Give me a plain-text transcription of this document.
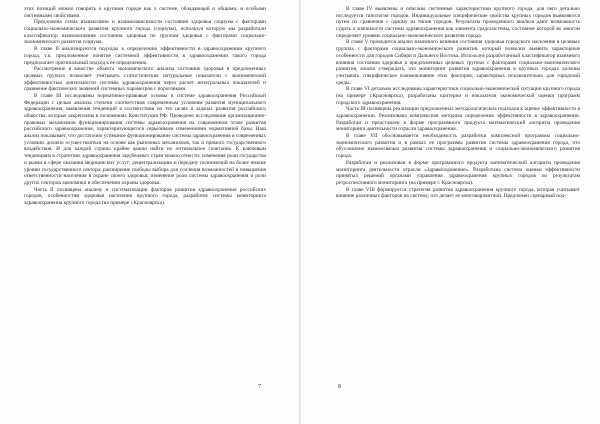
этих позиций можно говорить о крупном городе как о системе, обладающей и общими, и особыми системными свойствами.

Предложена схема взаимосвязи и взаимозависимости состояния здоровья социума с факторами социально-экономического развития крупного города (социума), используя которую мы разработали классификатор взаимовлияния состояния здоровья по группам здоровья с факторами социально-экономического развития социума.

В главе II анализируются подходы к определению эффективности в здравоохранении крупного города, т.к. предложенное понятие системной эффективности в здравоохранении такого города предполагает оригинальный подход к ее определению.

Рассмотрение в качестве объекта экономического анализа состояние здоровья в предложенных целевых группах позволяет учитывать статистические натуральные показатели с экономической эффективностью деятельности системы здравоохранения через расчет интегральных показателей и сравнение фактических значений системных параметров с пороговыми.

В главе III исследованы нормативно-правовые основы в системе здравоохранения Российской Федерации с целью анализа степени соответствия современным условиям развития муниципального здравоохранения, выявления тенденций в соответствии их тех целях и задачах развития российского общества, которые закреплены в положениях Конституции РФ. Проведено исследование организационно-правовых механизмов функционирования системы здравоохранения на современном этапе развития российского здравоохранения, характеризующегося серьезными изменениями нормативной базы. Наш анализ показывает, что достаточно успешное функционирование системы здравоохранения в современных условиях должно осуществляться на основе как рыночных механизмов, так и прямого государственного воздействия. И для каждой страны крайне важно найти их оптимальное сочетание. К ключевым тенденциям в стратегиях здравоохранения зарубежных стран можно отнести: изменение роли государства и рынка в сфере оказания медицинских услуг; децентрализацию и передачу полномочий на более низкие уровни государственного сектора; расширение свободы выбора для усиления возможностей и повышения ответственности населения в охране своего здоровья; изменение роли системы здравоохранения и роли других секторов экономики в обеспечении охраны здоровья.

Часть II посвящена анализу и систематизации факторов развития здравоохранения российских городов, особенностям здоровья населения крупного города, разработке системы мониторинга здравоохранения крупного города (на примере г.Красноярска).

7

В главе IV выявлены и описаны системные характеристики крупного города, для чего детально исследуется типология городов. Индивидуальные специфические свойства крупных городов выявляются путем их сравнения с одному из типов городов. Результаты проведенного анализа дают возможность судить о значимости системы здравоохранения как элемента градосистемы, состояние которой во многом определяет уровень социально-экономического развития города.

В главе V проводится анализ взаимного влияния состояния здоровья городского населения в целевых группах с факторами социально-экономического развития, который позволил выявить характерные особенности для городов Сибири и Дальнего Востока. Используя разработанный классификатор взаимного влияния состояния здоровья в предложенных целевых группах с факторами социально-экономического развития, можно утверждать, что мониторинг развития здравоохранения в крупных городах должны учитывать специфическое взаимовлияние этих факторов, характерных исключительно для городской среды.

В главе VI детально исследованы характеристики социально-экономической ситуации крупного города (на примере г.Красноярска), разработаны критерии и показатели экономической оценки программ городского здравоохранения.

Часть III посвящена реализации предложенных методологических подходов к оценке эффективности в здравоохранении. Реализована комплексная методика определения эффективности в здравоохранении. Разработан и представлен в форме программного продукта математический алгоритм проведения мониторинга деятельности отрасли здравоохранения.

В главе VII обосновывается необходимость разработки комплексной программы социально-экономического развития и в рамках ее программы развития системы здравоохранения города, что обусловлено взаимосвязью развития системы здравоохранения и социально-экономического развития города.

Разработан и реализован в форме программного продукта математический алгоритм проведения мониторинга деятельности отрасли «Здравоохранение». Разработана система оценки эффективности принятых решений органами управления здравоохранения крупных городов по результатам ретроспективного мониторинга (на примере г. Красноярска).

В главе VIII формируется стратегия развития здравоохранения крупного города, которая учитывает влияние различных факторов на систему, что делает ее многовариантной. Предложен сценарный под-

8
